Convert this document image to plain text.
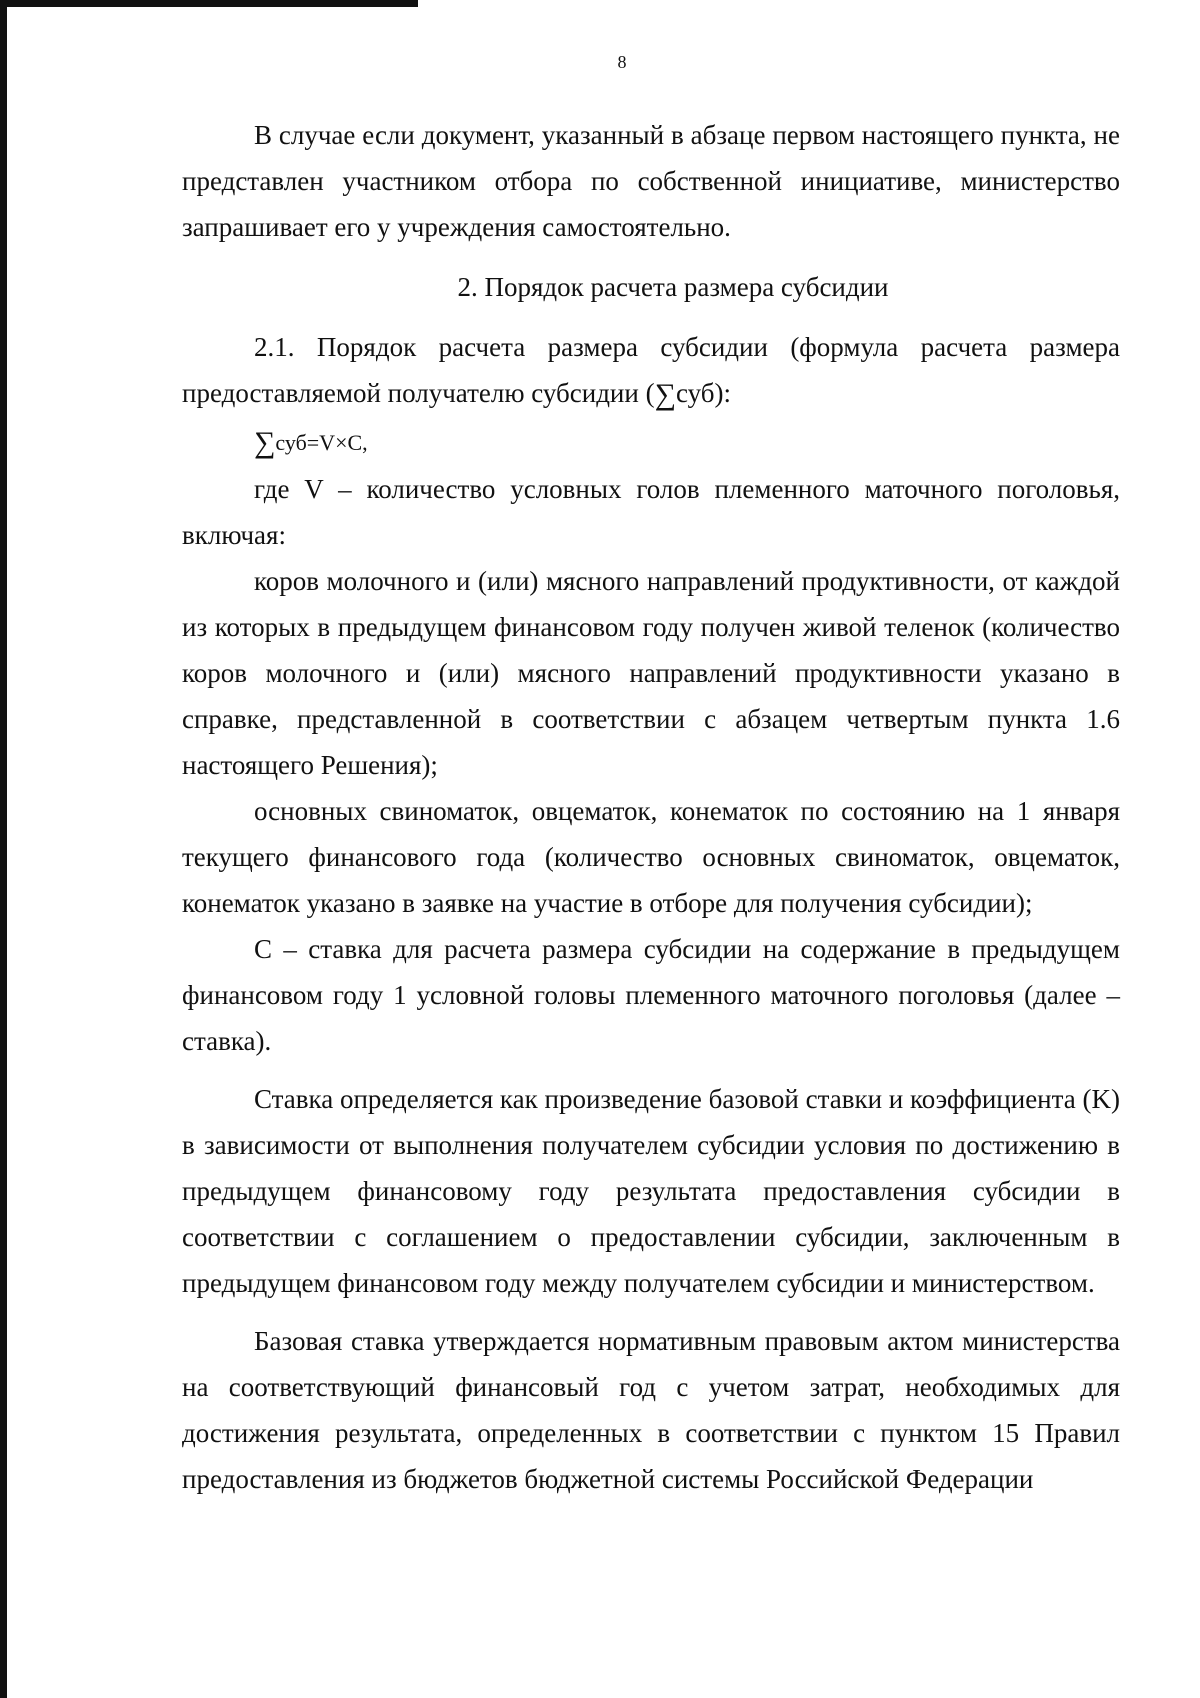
8

В случае если документ, указанный в абзаце первом настоящего пункта, не представлен участником отбора по собственной инициативе, министерство запрашивает его у учреждения самостоятельно.

2. Порядок расчета размера субсидии

2.1. Порядок расчета размера субсидии (формула расчета размера предоставляемой получателю субсидии (∑суб):

∑суб=V×C,

где V – количество условных голов племенного маточного поголовья, включая:

коров молочного и (или) мясного направлений продуктивности, от каждой из которых в предыдущем финансовом году получен живой теленок (количество коров молочного и (или) мясного направлений продуктивности указано в справке, представленной в соответствии с абзацем четвертым пункта 1.6 настоящего Решения);

основных свиноматок, овцематок, конематок по состоянию на 1 января текущего финансового года (количество основных свиноматок, овцематок, конематок указано в заявке на участие в отборе для получения субсидии);

C – ставка для расчета размера субсидии на содержание в предыдущем финансовом году 1 условной головы племенного маточного поголовья (далее – ставка).

Ставка определяется как произведение базовой ставки и коэффициента (K) в зависимости от выполнения получателем субсидии условия по достижению в предыдущем финансовому году результата предоставления субсидии в соответствии с соглашением о предоставлении субсидии, заключенным в предыдущем финансовом году между получателем субсидии и министерством.

Базовая ставка утверждается нормативным правовым актом министерства на соответствующий финансовый год с учетом затрат, необходимых для достижения результата, определенных в соответствии с пунктом 15 Правил предоставления из бюджетов бюджетной системы Российской Федерации
